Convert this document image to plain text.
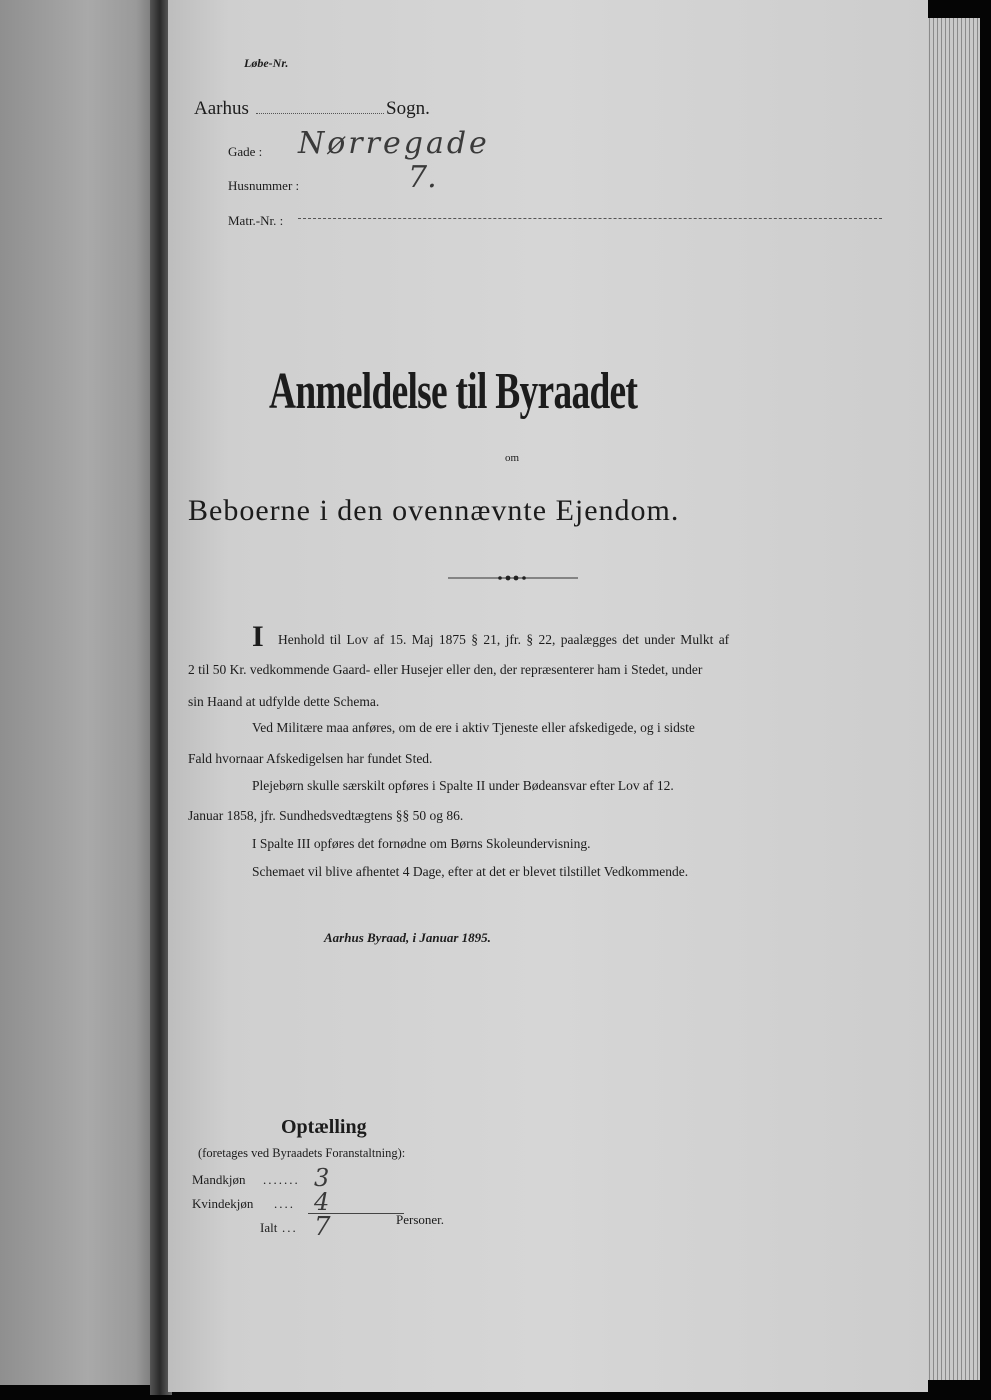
Løbe-Nr.
Aarhus	Sogn.
Gade : Nørregade
Husnummer :	7.
Matr.-Nr. :
Anmeldelse til Byraadet
om
Beboerne i den ovennævnte Ejendom.
I Henhold til Lov af 15. Maj 1875 § 21, jfr. § 22, paalægges det under Mulkt af
2 til 50 Kr. vedkommende Gaard- eller Husejer eller den, der repræsenterer ham i Stedet, under
sin Haand at udfylde dette Schema.
Ved Militære maa anføres, om de ere i aktiv Tjeneste eller afskedigede, og i sidste
Fald hvornaar Afskedigelsen har fundet Sted.
Plejebørn skulle særskilt opføres i Spalte II under Bødeansvar efter Lov af 12.
Januar 1858, jfr. Sundhedsvedtægtens §§ 50 og 86.
I Spalte III opføres det fornødne om Børns Skoleundervisning.
Schemaet vil blive afhentet 4 Dage, efter at det er blevet tilstillet Vedkommende.
Aarhus Byraad, i Januar 1895.
Optælling
(foretages ved Byraadets Foranstaltning):
Mandkjøn ....... 3
Kvindekjøn .... 4
Ialt ... 7	Personer.
